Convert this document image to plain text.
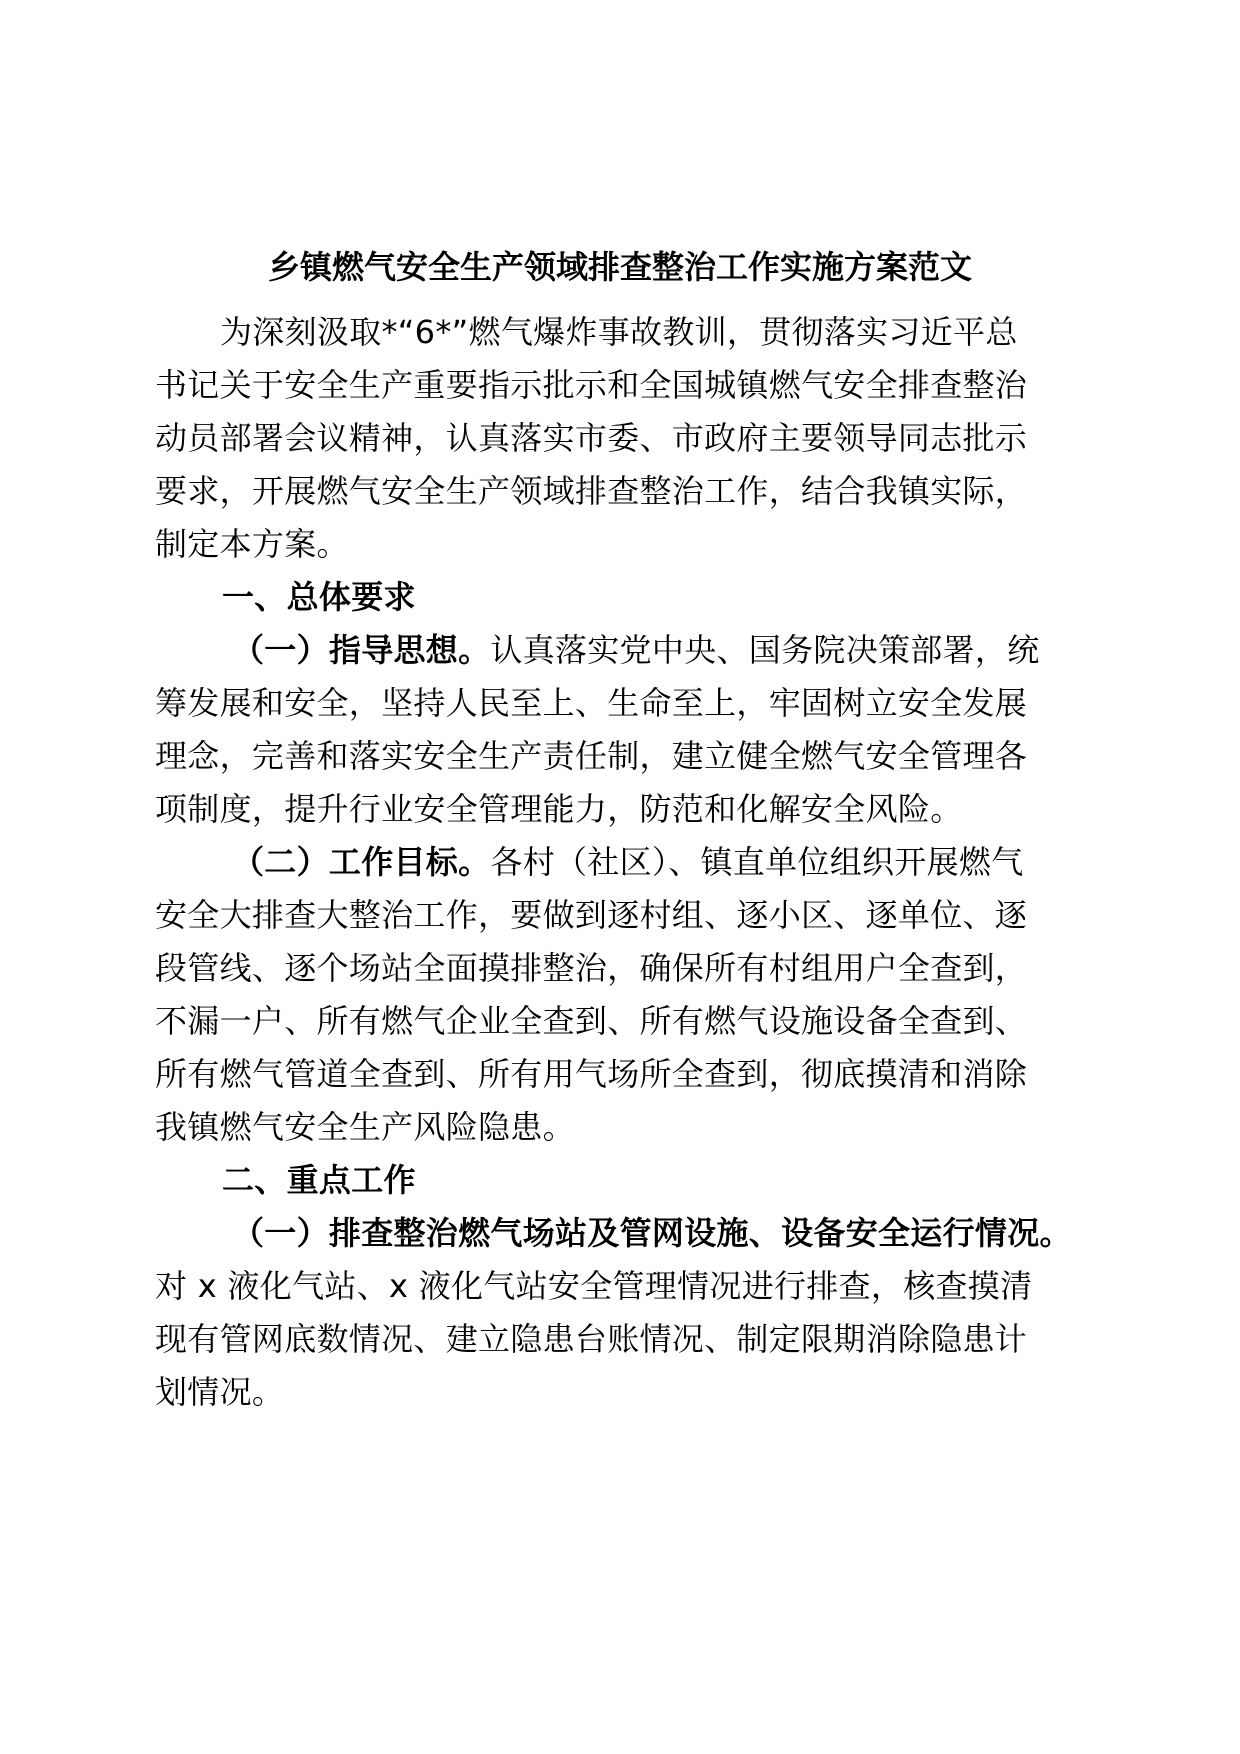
乡镇燃气安全生产领域排查整治工作实施方案范文
为深刻汲取*“6*”燃气爆炸事故教训，贯彻落实习近平总
书记关于安全生产重要指示批示和全国城镇燃气安全排查整治
动员部署会议精神，认真落实市委、市政府主要领导同志批示
要求，开展燃气安全生产领域排查整治工作，结合我镇实际，
制定本方案。
一、总体要求
（一）指导思想。认真落实党中央、国务院决策部署，统
筹发展和安全，坚持人民至上、生命至上，牢固树立安全发展
理念，完善和落实安全生产责任制，建立健全燃气安全管理各
项制度，提升行业安全管理能力，防范和化解安全风险。
（二）工作目标。各村（社区）、镇直单位组织开展燃气
安全大排查大整治工作，要做到逐村组、逐小区、逐单位、逐
段管线、逐个场站全面摸排整治，确保所有村组用户全查到，
不漏一户、所有燃气企业全查到、所有燃气设施设备全查到、
所有燃气管道全查到、所有用气场所全查到，彻底摸清和消除
我镇燃气安全生产风险隐患。
二、重点工作
（一）排查整治燃气场站及管网设施、设备安全运行情况。
对 x 液化气站、x 液化气站安全管理情况进行排查，核查摸清
现有管网底数情况、建立隐患台账情况、制定限期消除隐患计
划情况。
